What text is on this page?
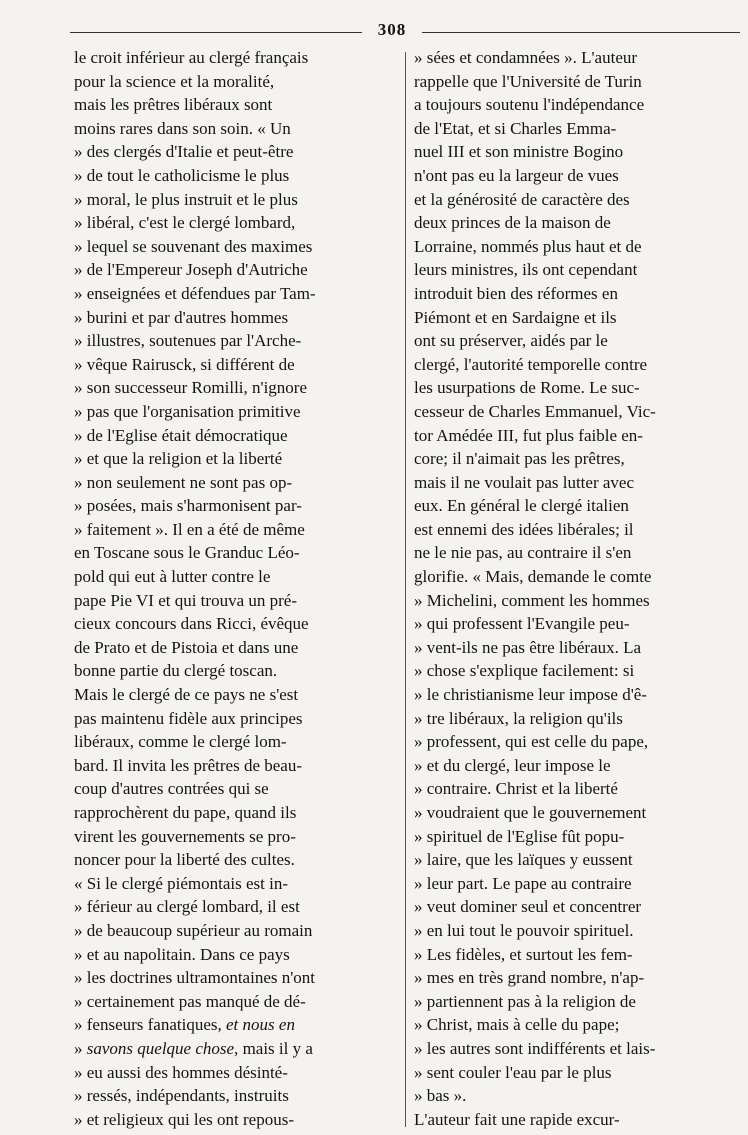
308
le croit inférieur au clergé français
pour la science et la moralité,
mais les prêtres libéraux sont
moins rares dans son soin. « Un
» des clergés d'Italie et peut-être
» de tout le catholicisme le plus
» moral, le plus instruit et le plus
» libéral, c'est le clergé lombard,
» lequel se souvenant des maximes
» de l'Empereur Joseph d'Autriche
» enseignées et défendues par Tam-
» burini et par d'autres hommes
» illustres, soutenues par l'Arche-
» vêque Rairusck, si différent de
» son successeur Romilli, n'ignore
» pas que l'organisation primitive
» de l'Eglise était démocratique
» et que la religion et la liberté
» non seulement ne sont pas op-
» posées, mais s'harmonisent par-
» faitement ». Il en a été de même
en Toscane sous le Granduc Léo-
pold qui eut à lutter contre le
pape Pie VI et qui trouva un pré-
cieux concours dans Ricci, évêque
de Prato et de Pistoia et dans une
bonne partie du clergé toscan.
Mais le clergé de ce pays ne s'est
pas maintenu fidèle aux principes
libéraux, comme le clergé lom-
bard. Il invita les prêtres de beau-
coup d'autres contrées qui se
rapprochèrent du pape, quand ils
virent les gouvernements se pro-
noncer pour la liberté des cultes.
« Si le clergé piémontais est in-
» férieur au clergé lombard, il est
» de beaucoup supérieur au romain
» et au napolitain. Dans ce pays
» les doctrines ultramontaines n'ont
» certainement pas manqué de dé-
» fenseurs fanatiques, et nous en
» savons quelque chose, mais il y a
» eu aussi des hommes désinté-
» ressés, indépendants, instruits
» et religieux qui les ont repous-
» sées et condamnées ». L'auteur
rappelle que l'Université de Turin
a toujours soutenu l'indépendance
de l'Etat, et si Charles Emma-
nuel III et son ministre Bogino
n'ont pas eu la largeur de vues
et la générosité de caractère des
deux princes de la maison de
Lorraine, nommés plus haut et de
leurs ministres, ils ont cependant
introduit bien des réformes en
Piémont et en Sardaigne et ils
ont su préserver, aidés par le
clergé, l'autorité temporelle contre
les usurpations de Rome. Le suc-
cesseur de Charles Emmanuel, Vic-
tor Amédée III, fut plus faible en-
core; il n'aimait pas les prêtres,
mais il ne voulait pas lutter avec
eux. En général le clergé italien
est ennemi des idées libérales; il
ne le nie pas, au contraire il s'en
glorifie. « Mais, demande le comte
» Michelini, comment les hommes
» qui professent l'Evangile peu-
» vent-ils ne pas être libéraux. La
» chose s'explique facilement: si
» le christianisme leur impose d'ê-
» tre libéraux, la religion qu'ils
» professent, qui est celle du pape,
» et du clergé, leur impose le
» contraire. Christ et la liberté
» voudraient que le gouvernement
» spirituel de l'Eglise fût popu-
» laire, que les laïques y eussent
» leur part. Le pape au contraire
» veut dominer seul et concentrer
» en lui tout le pouvoir spirituel.
» Les fidèles, et surtout les fem-
» mes en très grand nombre, n'ap-
» partiennent pas à la religion de
» Christ, mais à celle du pape;
» les autres sont indifférents et lais-
» sent couler l'eau par le plus
» bas ».
L'auteur fait une rapide excur-
